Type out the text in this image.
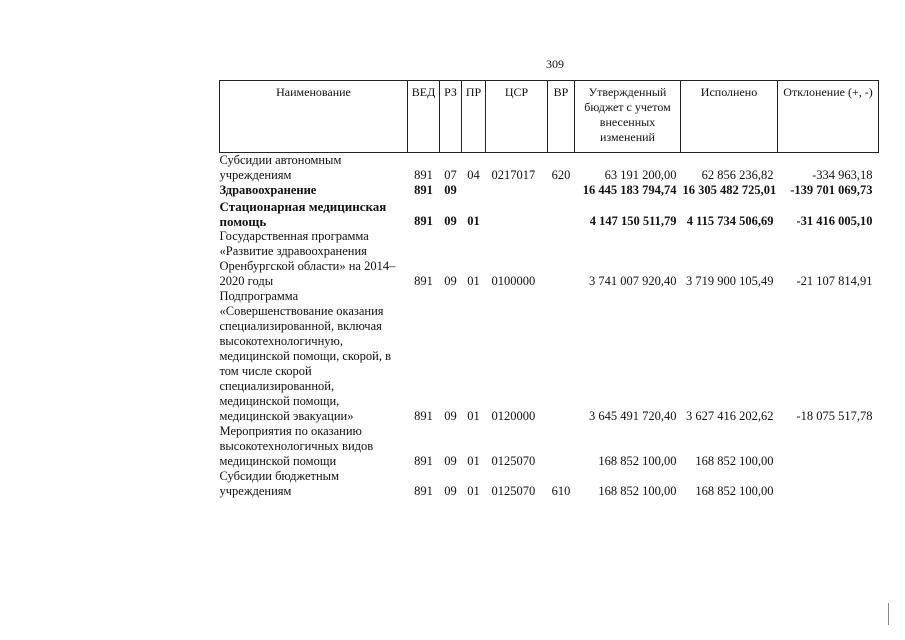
309
Наименование	ВЕД	РЗ	ПР	ЦСР	ВР	Утвержденный бюджет с учетом внесенных изменений	Исполнено	Отклонение (+, -)
Субсидии автономным учреждениям	891	07	04	0217017	620	63 191 200,00	62 856 236,82	-334 963,18
Здравоохранение	891	09				16 445 183 794,74	16 305 482 725,01	-139 701 069,73
Стационарная медицинская помощь	891	09	01			4 147 150 511,79	4 115 734 506,69	-31 416 005,10
Государственная программа «Развитие здравоохранения Оренбургской области» на 2014–2020 годы	891	09	01	0100000		3 741 007 920,40	3 719 900 105,49	-21 107 814,91
Подпрограмма «Совершенствование оказания специализированной, включая высокотехнологичную, медицинской помощи, скорой, в том числе скорой специализированной, медицинской помощи, медицинской эвакуации»	891	09	01	0120000		3 645 491 720,40	3 627 416 202,62	-18 075 517,78
Мероприятия по оказанию высокотехнологичных видов медицинской помощи	891	09	01	0125070		168 852 100,00	168 852 100,00	
Субсидии бюджетным учреждениям	891	09	01	0125070	610	168 852 100,00	168 852 100,00	
